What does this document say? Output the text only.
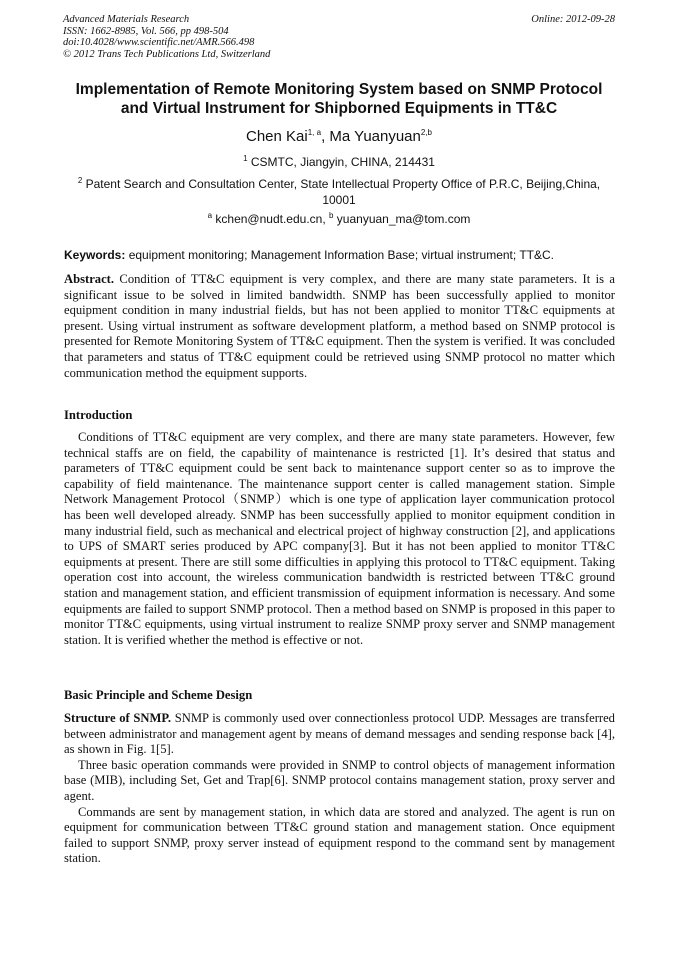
Advanced Materials Research
ISSN: 1662-8985, Vol. 566, pp 498-504
doi:10.4028/www.scientific.net/AMR.566.498
© 2012 Trans Tech Publications Ltd, Switzerland
Online: 2012-09-28
Implementation of Remote Monitoring System based on SNMP Protocol
and Virtual Instrument for Shipborned Equipments in TT&C
Chen Kai$^{1, a}$, Ma Yuanyuan$^{2,b}$
$^1$ CSMTC, Jiangyin, CHINA, 214431
$^2$ Patent Search and Consultation Center, State Intellectual Property Office of P.R.C, Beijing,China,
10001
$^a$ kchen@nudt.edu.cn, $^b$ yuanyuan_ma@tom.com
Keywords: equipment monitoring; Management Information Base; virtual instrument; TT&C.
Abstract. Condition of TT&C equipment is very complex, and there are many state parameters. It is a significant issue to be solved in limited bandwidth. SNMP has been successfully applied to monitor equipment condition in many industrial fields, but has not been applied to monitor TT&C equipments at present. Using virtual instrument as software development platform, a method based on SNMP protocol is presented for Remote Monitoring System of TT&C equipment. Then the system is verified. It was concluded that parameters and status of TT&C equipment could be retrieved using SNMP protocol no matter which communication method the equipment supports.
Introduction
Conditions of TT&C equipment are very complex, and there are many state parameters. However, few technical staffs are on field, the capability of maintenance is restricted [1]. It’s desired that status and parameters of TT&C equipment could be sent back to maintenance support center so as to improve the capability of field maintenance. The maintenance support center is called management station. Simple Network Management Protocol（SNMP）which is one type of application layer communication protocol has been well developed already. SNMP has been successfully applied to monitor equipment condition in many industrial field, such as mechanical and electrical project of highway construction [2], and applications to UPS of SMART series produced by APC company[3]. But it has not been applied to monitor TT&C equipments at present. There are still some difficulties in applying this protocol to TT&C equipment. Taking operation cost into account, the wireless communication bandwidth is restricted between TT&C ground station and management station, and efficient transmission of equipment information is necessary. And some equipments are failed to support SNMP protocol. Then a method based on SNMP is proposed in this paper to monitor TT&C equipments, using virtual instrument to realize SNMP proxy server and SNMP management station. It is verified whether the method is effective or not.
Basic Principle and Scheme Design

Structure of SNMP. SNMP is commonly used over connectionless protocol UDP. Messages are transferred between administrator and management agent by means of demand messages and sending response back [4], as shown in Fig. 1[5].

Three basic operation commands were provided in SNMP to control objects of management information base (MIB), including Set, Get and Trap[6]. SNMP protocol contains management station, proxy server and agent.

Commands are sent by management station, in which data are stored and analyzed. The agent is run on equipment for communication between TT&C ground station and management station. Once equipment failed to support SNMP, proxy server instead of equipment respond to the command sent by management station.
